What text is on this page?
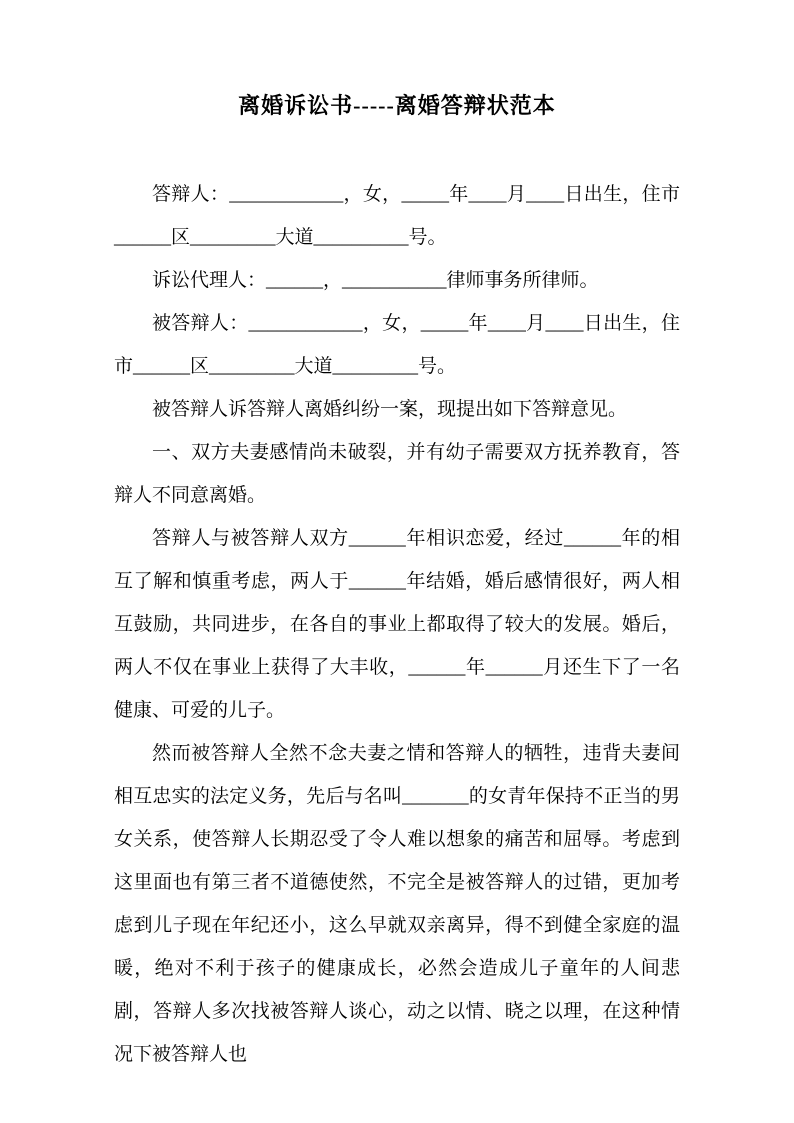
离婚诉讼书-----离婚答辩状范本

答辩人：____________，女，_____年____月____日出生，住市______区_________大道__________号。

诉讼代理人：______，___________律师事务所律师。

被答辩人：____________，女，_____年____月____日出生，住市______区_________大道_________号。

被答辩人诉答辩人离婚纠纷一案，现提出如下答辩意见。

一、双方夫妻感情尚未破裂，并有幼子需要双方抚养教育，答辩人不同意离婚。

答辩人与被答辩人双方______年相识恋爱，经过______年的相互了解和慎重考虑，两人于______年结婚，婚后感情很好，两人相互鼓励，共同进步，在各自的事业上都取得了较大的发展。婚后，两人不仅在事业上获得了大丰收，______年______月还生下了一名健康、可爱的儿子。

然而被答辩人全然不念夫妻之情和答辩人的牺牲，违背夫妻间相互忠实的法定义务，先后与名叫_______的女青年保持不正当的男女关系，使答辩人长期忍受了令人难以想象的痛苦和屈辱。考虑到这里面也有第三者不道德使然，不完全是被答辩人的过错，更加考虑到儿子现在年纪还小，这么早就双亲离异，得不到健全家庭的温暖，绝对不利于孩子的健康成长，必然会造成儿子童年的人间悲剧，答辩人多次找被答辩人谈心，动之以情、晓之以理，在这种情况下被答辩人也
